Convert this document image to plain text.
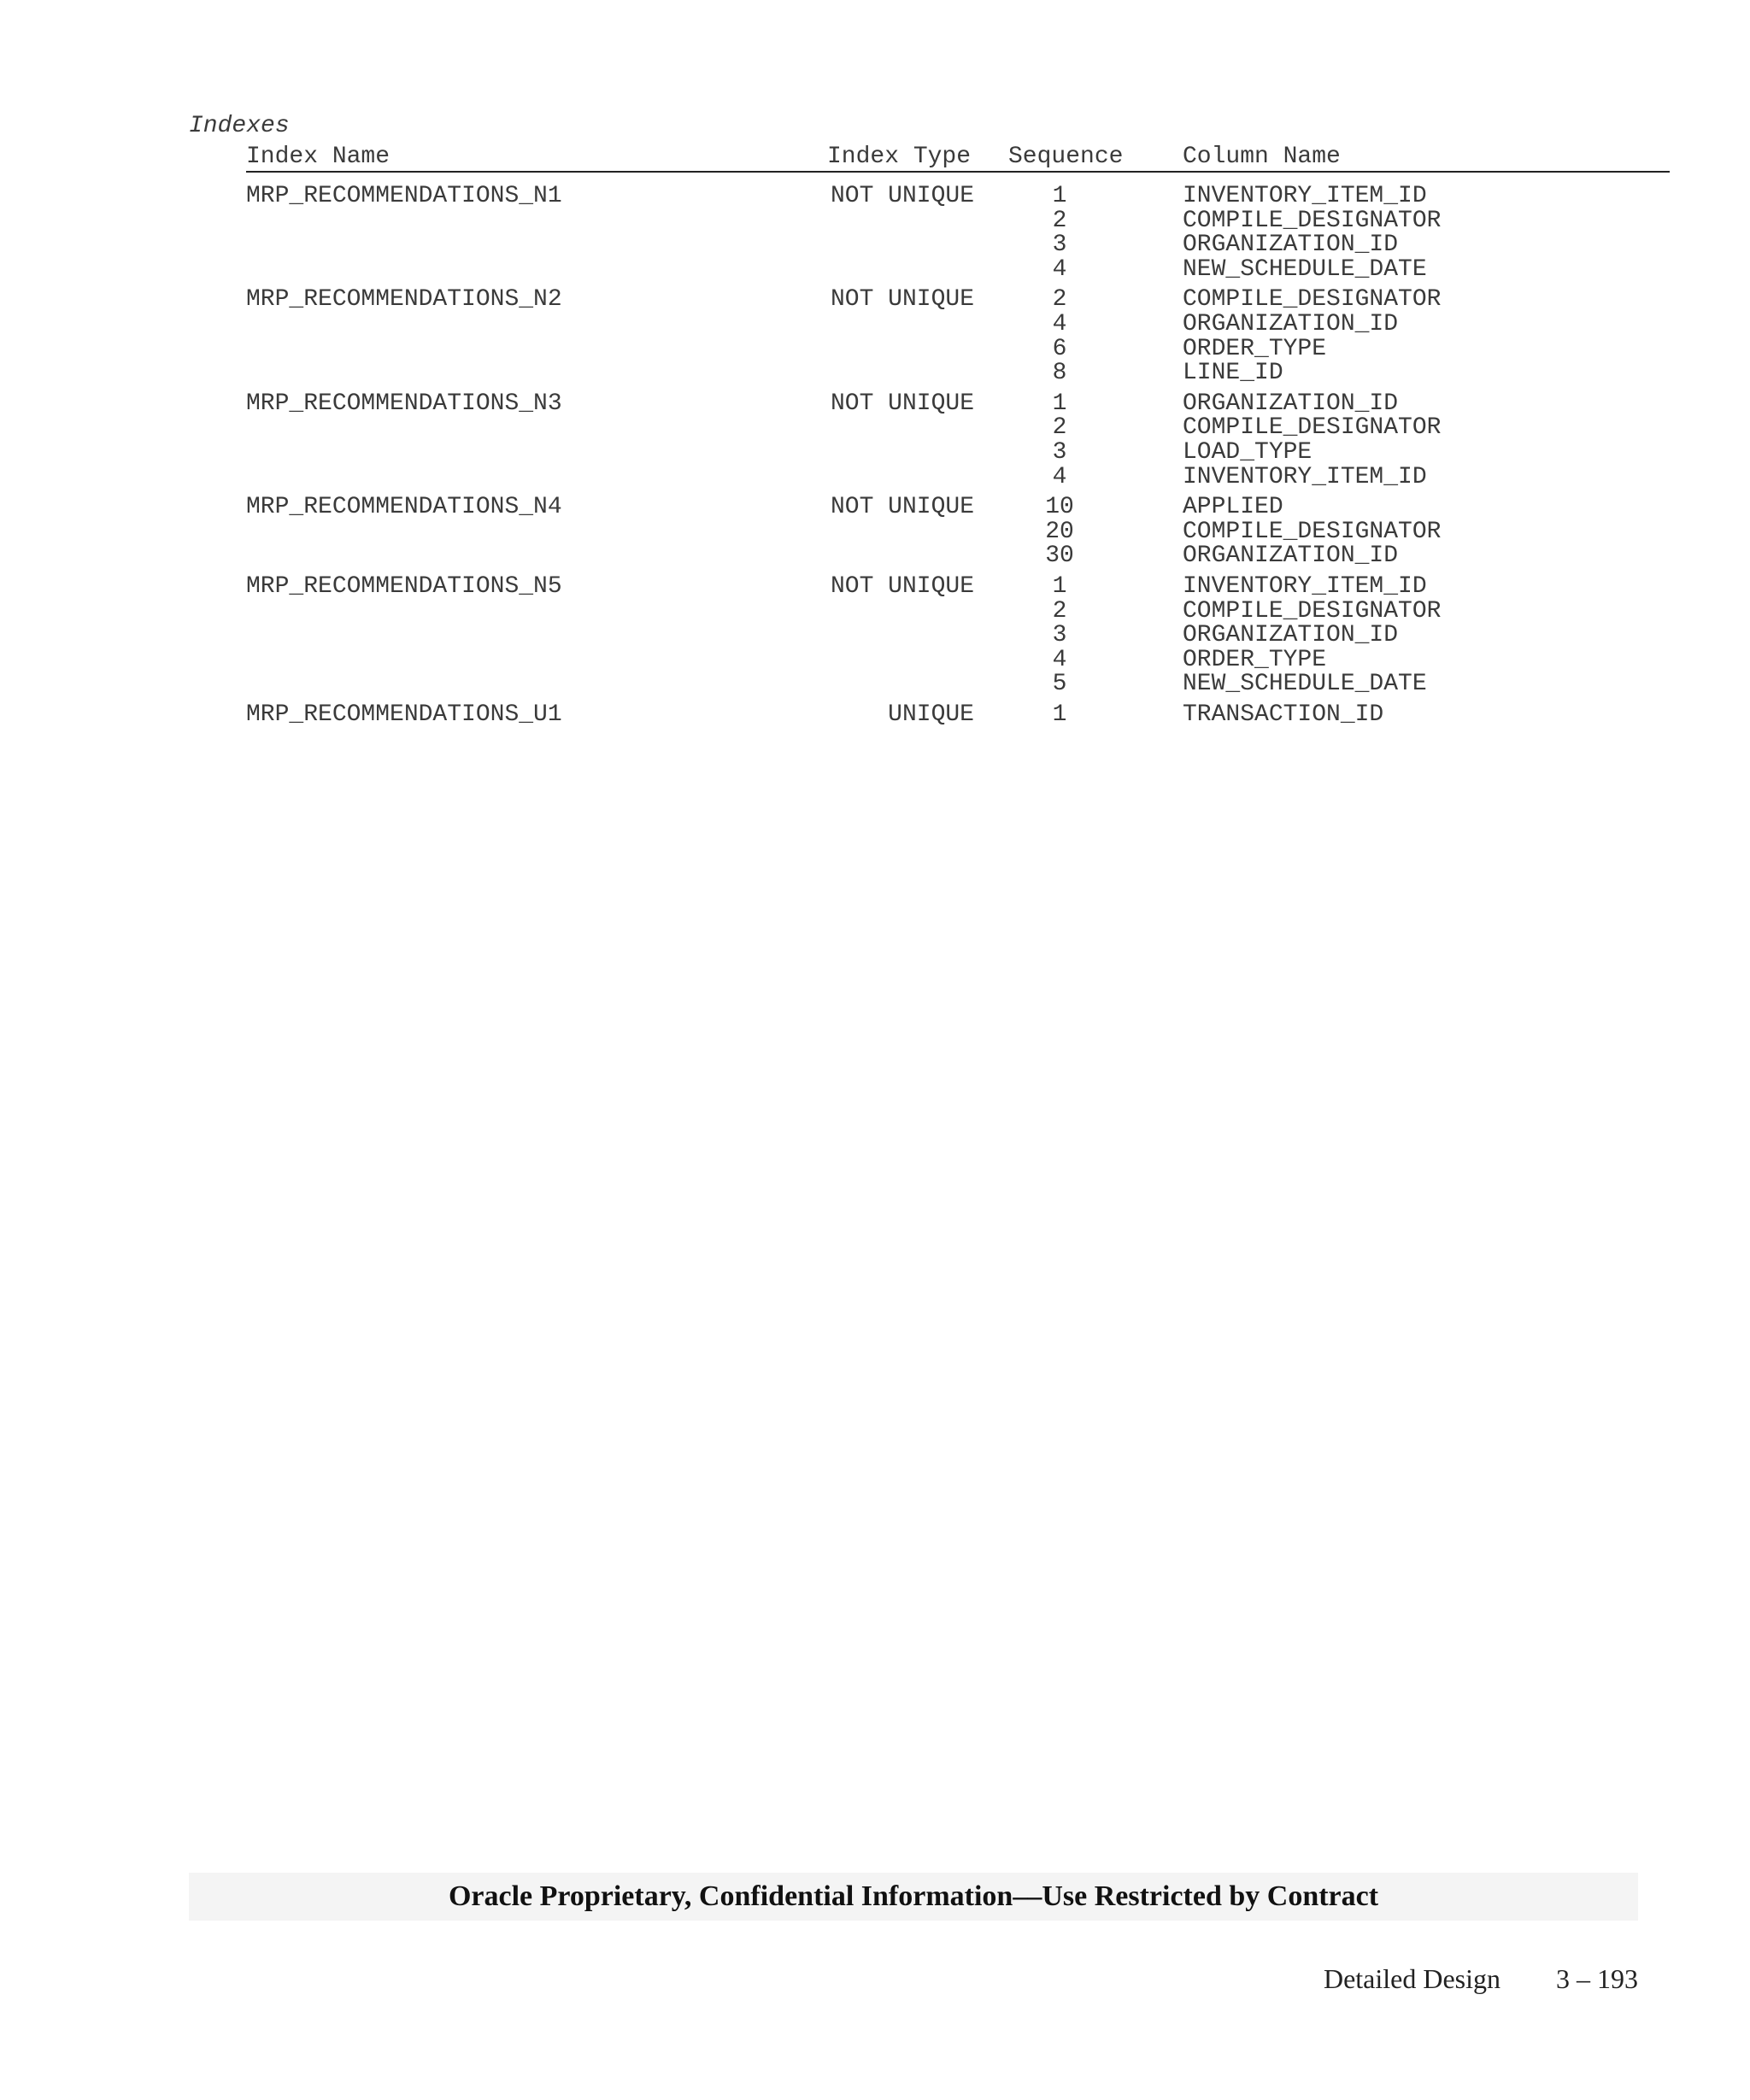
Indexes
Index Name	Index Type Sequence Column Name
MRP_RECOMMENDATIONS_N1	NOT UNIQUE	1	INVENTORY_ITEM_ID
2	COMPILE_DESIGNATOR
3	ORGANIZATION_ID
4	NEW_SCHEDULE_DATE
MRP_RECOMMENDATIONS_N2	NOT UNIQUE	2	COMPILE_DESIGNATOR
4	ORGANIZATION_ID
6	ORDER_TYPE
8	LINE_ID
MRP_RECOMMENDATIONS_N3	NOT UNIQUE	1	ORGANIZATION_ID
2	COMPILE_DESIGNATOR
3	LOAD_TYPE
4	INVENTORY_ITEM_ID
MRP_RECOMMENDATIONS_N4	NOT UNIQUE	10	APPLIED
20	COMPILE_DESIGNATOR
30	ORGANIZATION_ID
MRP_RECOMMENDATIONS_N5	NOT UNIQUE	1	INVENTORY_ITEM_ID
2	COMPILE_DESIGNATOR
3	ORGANIZATION_ID
4	ORDER_TYPE
5	NEW_SCHEDULE_DATE
MRP_RECOMMENDATIONS_U1	UNIQUE	1	TRANSACTION_ID
Oracle Proprietary, Confidential Information––Use Restricted by Contract
Detailed Design	3 – 193
